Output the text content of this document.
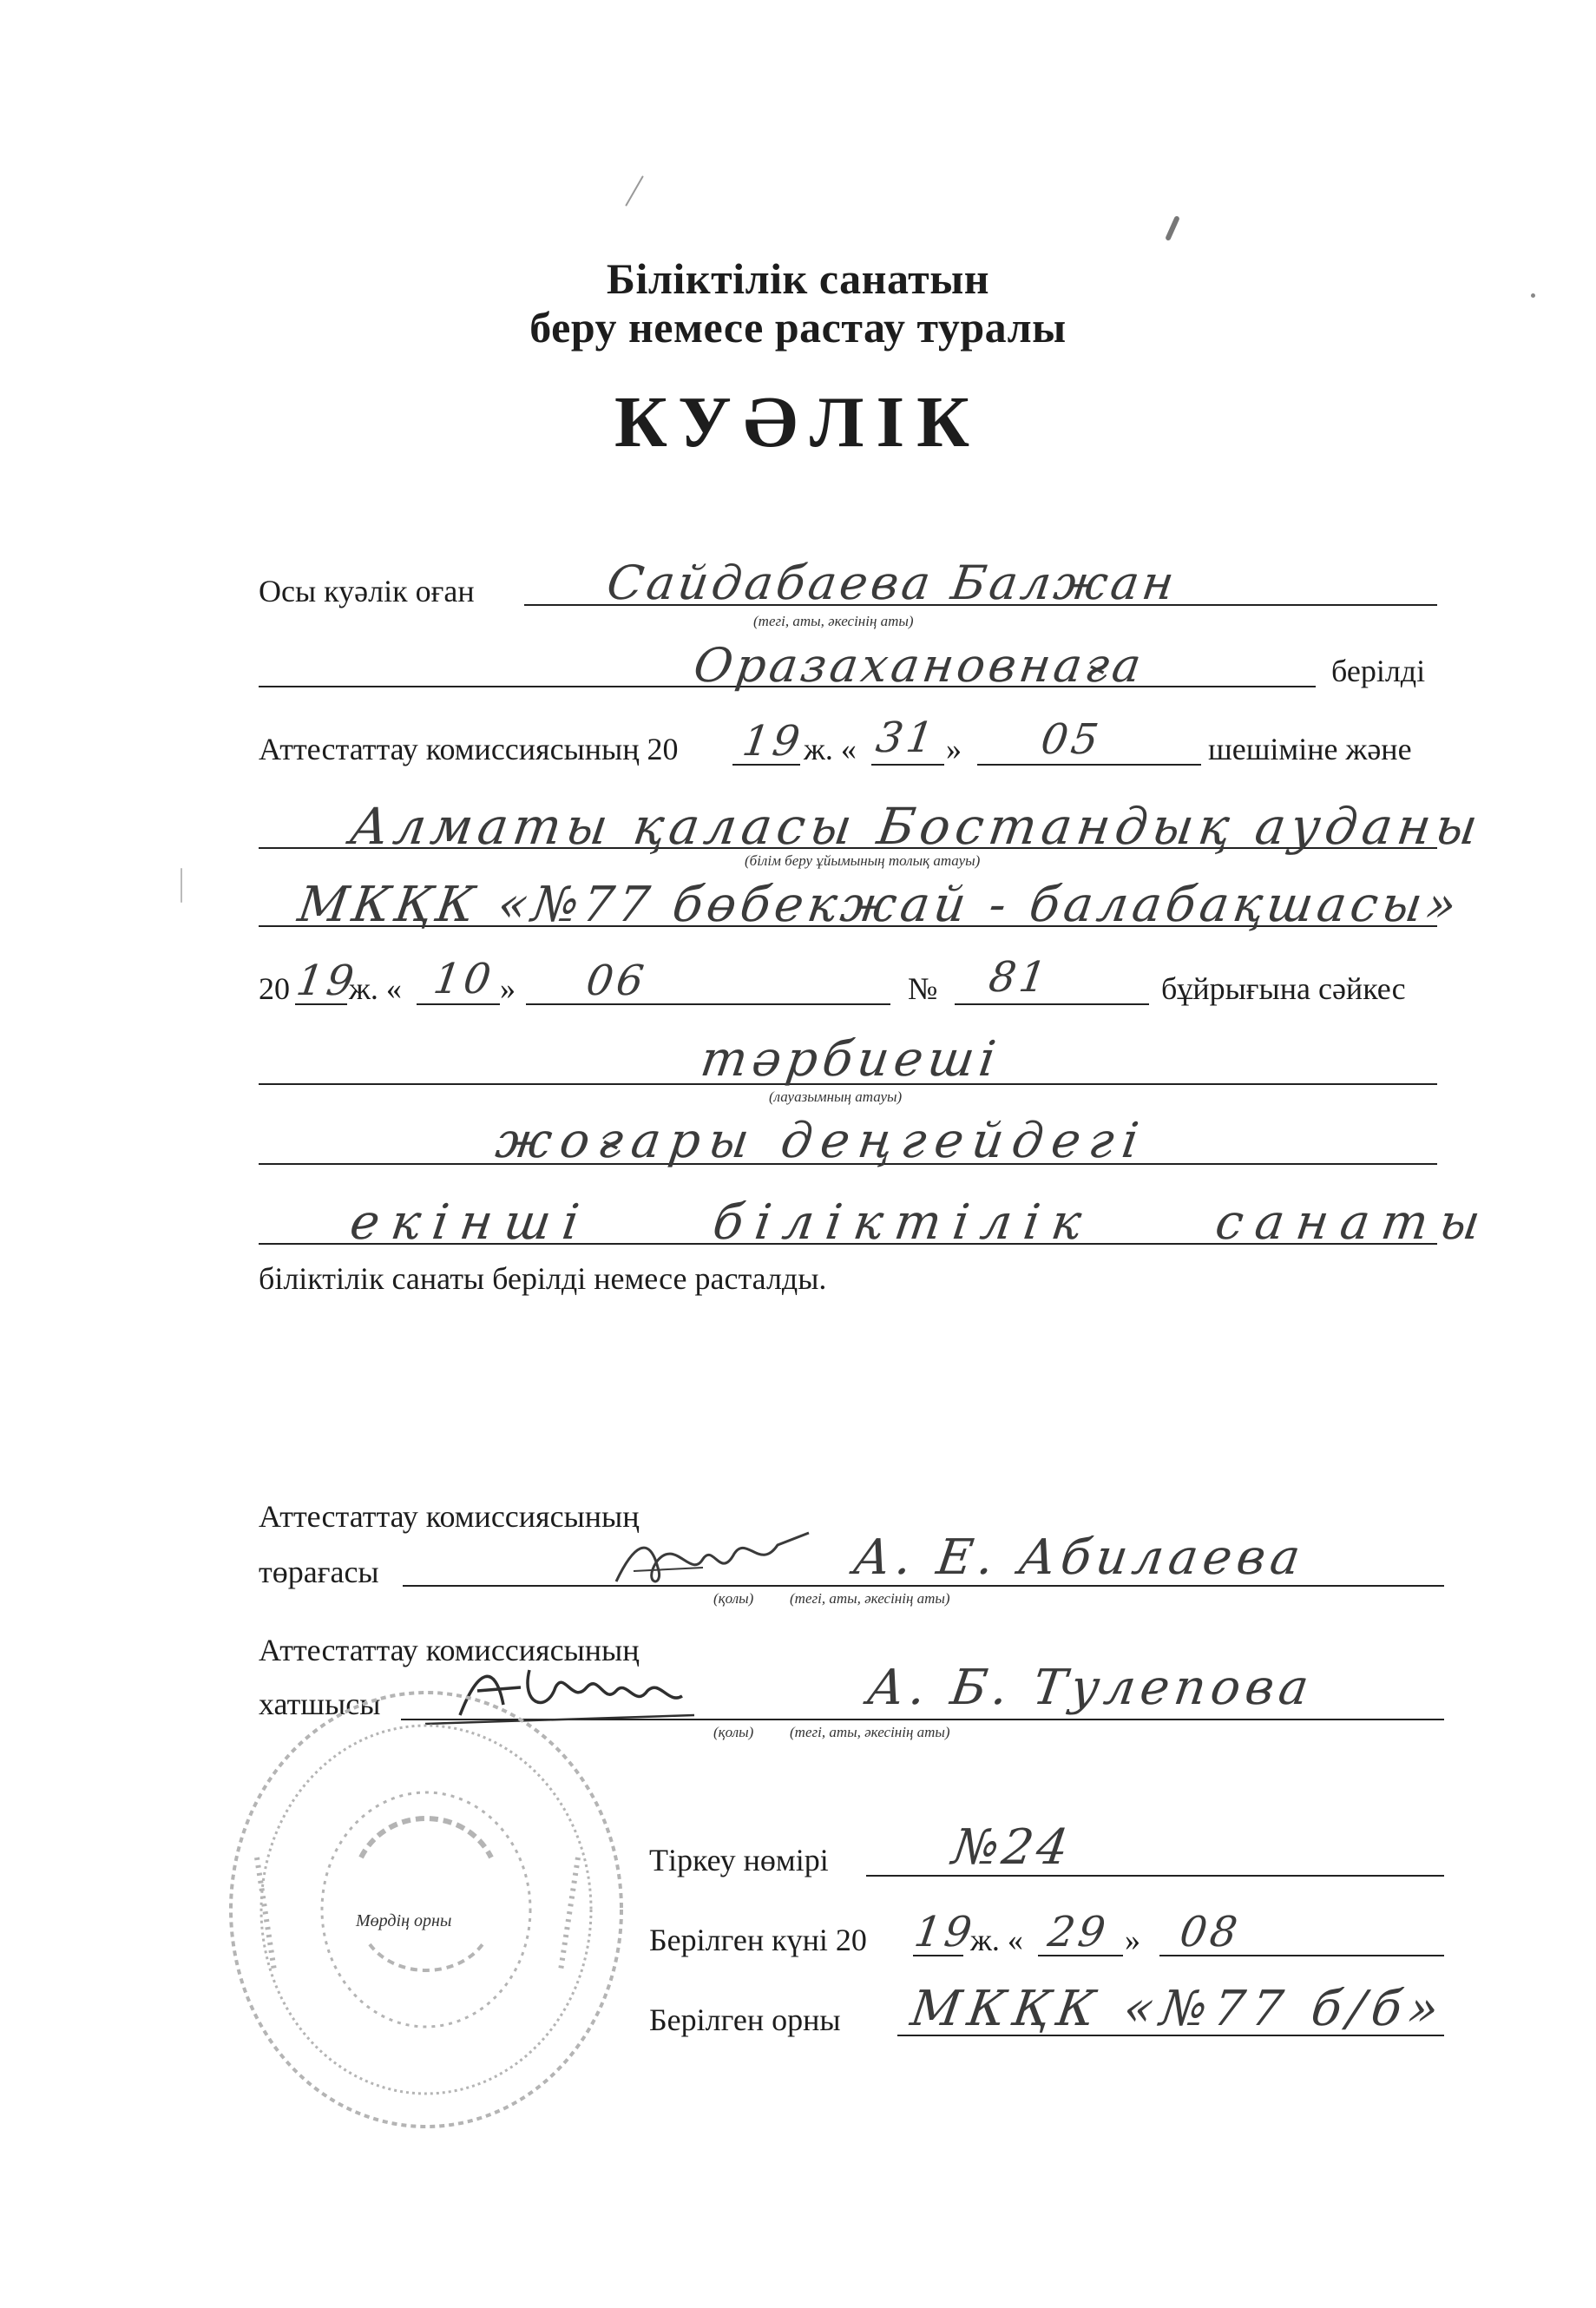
Біліктілік санатын
беру немесе растау туралы
КУӘЛІК
Осы куәлік оған	Сайдабаева Балжан
(тегі, аты, әкесінің аты)
Оразахановнаға	берілді
Аттестаттау комиссиясының 20 19
ж. « 31 » 05	шешіміне және
Алматы қаласы Бостандық ауданы
(білім беру ұйымының толық атауы)
МКҚК «№77 бөбекжай - балабақшасы»
20 19
ж. « 10 » 06	№ 81	бұйрығына сәйкес
тәрбиеші
(лауазымның атауы)
жоғары деңгейдегі
екінші біліктілік санаты
біліктілік санаты берілді немесе расталды.
Аттестаттау комиссиясының
төрағасы	А. Е. Абилаева
(қолы) (тегі, аты, әкесінің аты)
Аттестаттау комиссиясының
хатшысы	А. Б. Тулепова
(қолы) (тегі, аты, әкесінің аты)
Мөрдің орны
Тіркеу нөмірі №24
Берілген күні 20 19
ж. « 29 » 08
Берілген орны МКҚК «№77 б/б»
